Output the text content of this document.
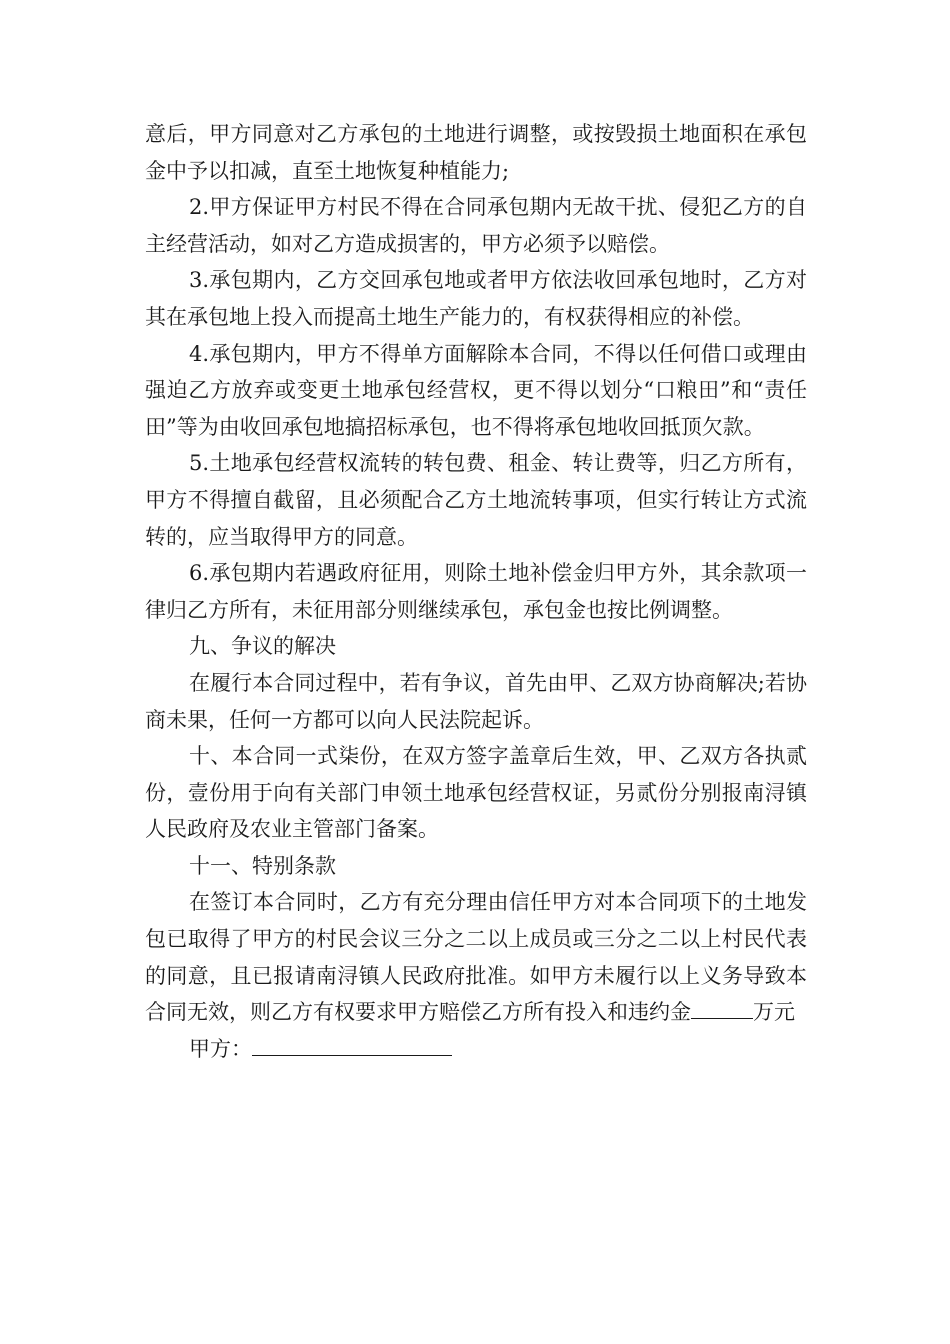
意后，甲方同意对乙方承包的土地进行调整，或按毁损土地面积在承包金中予以扣减，直至土地恢复种植能力;

2.甲方保证甲方村民不得在合同承包期内无故干扰、侵犯乙方的自主经营活动，如对乙方造成损害的，甲方必须予以赔偿。

3.承包期内，乙方交回承包地或者甲方依法收回承包地时，乙方对其在承包地上投入而提高土地生产能力的，有权获得相应的补偿。

4.承包期内，甲方不得单方面解除本合同，不得以任何借口或理由强迫乙方放弃或变更土地承包经营权，更不得以划分“口粮田”和“责任田”等为由收回承包地搞招标承包，也不得将承包地收回抵顶欠款。

5.土地承包经营权流转的转包费、租金、转让费等，归乙方所有，甲方不得擅自截留，且必须配合乙方土地流转事项，但实行转让方式流转的，应当取得甲方的同意。

6.承包期内若遇政府征用，则除土地补偿金归甲方外，其余款项一律归乙方所有，未征用部分则继续承包，承包金也按比例调整。

九、争议的解决

在履行本合同过程中，若有争议，首先由甲、乙双方协商解决;若协商未果，任何一方都可以向人民法院起诉。

十、本合同一式柒份，在双方签字盖章后生效，甲、乙双方各执贰份，壹份用于向有关部门申领土地承包经营权证，另贰份分别报南浔镇人民政府及农业主管部门备案。

十一、特别条款

在签订本合同时，乙方有充分理由信任甲方对本合同项下的土地发包已取得了甲方的村民会议三分之二以上成员或三分之二以上村民代表的同意，且已报请南浔镇人民政府批准。如甲方未履行以上义务导致本合同无效，则乙方有权要求甲方赔偿乙方所有投入和违约金	万元

甲方：
